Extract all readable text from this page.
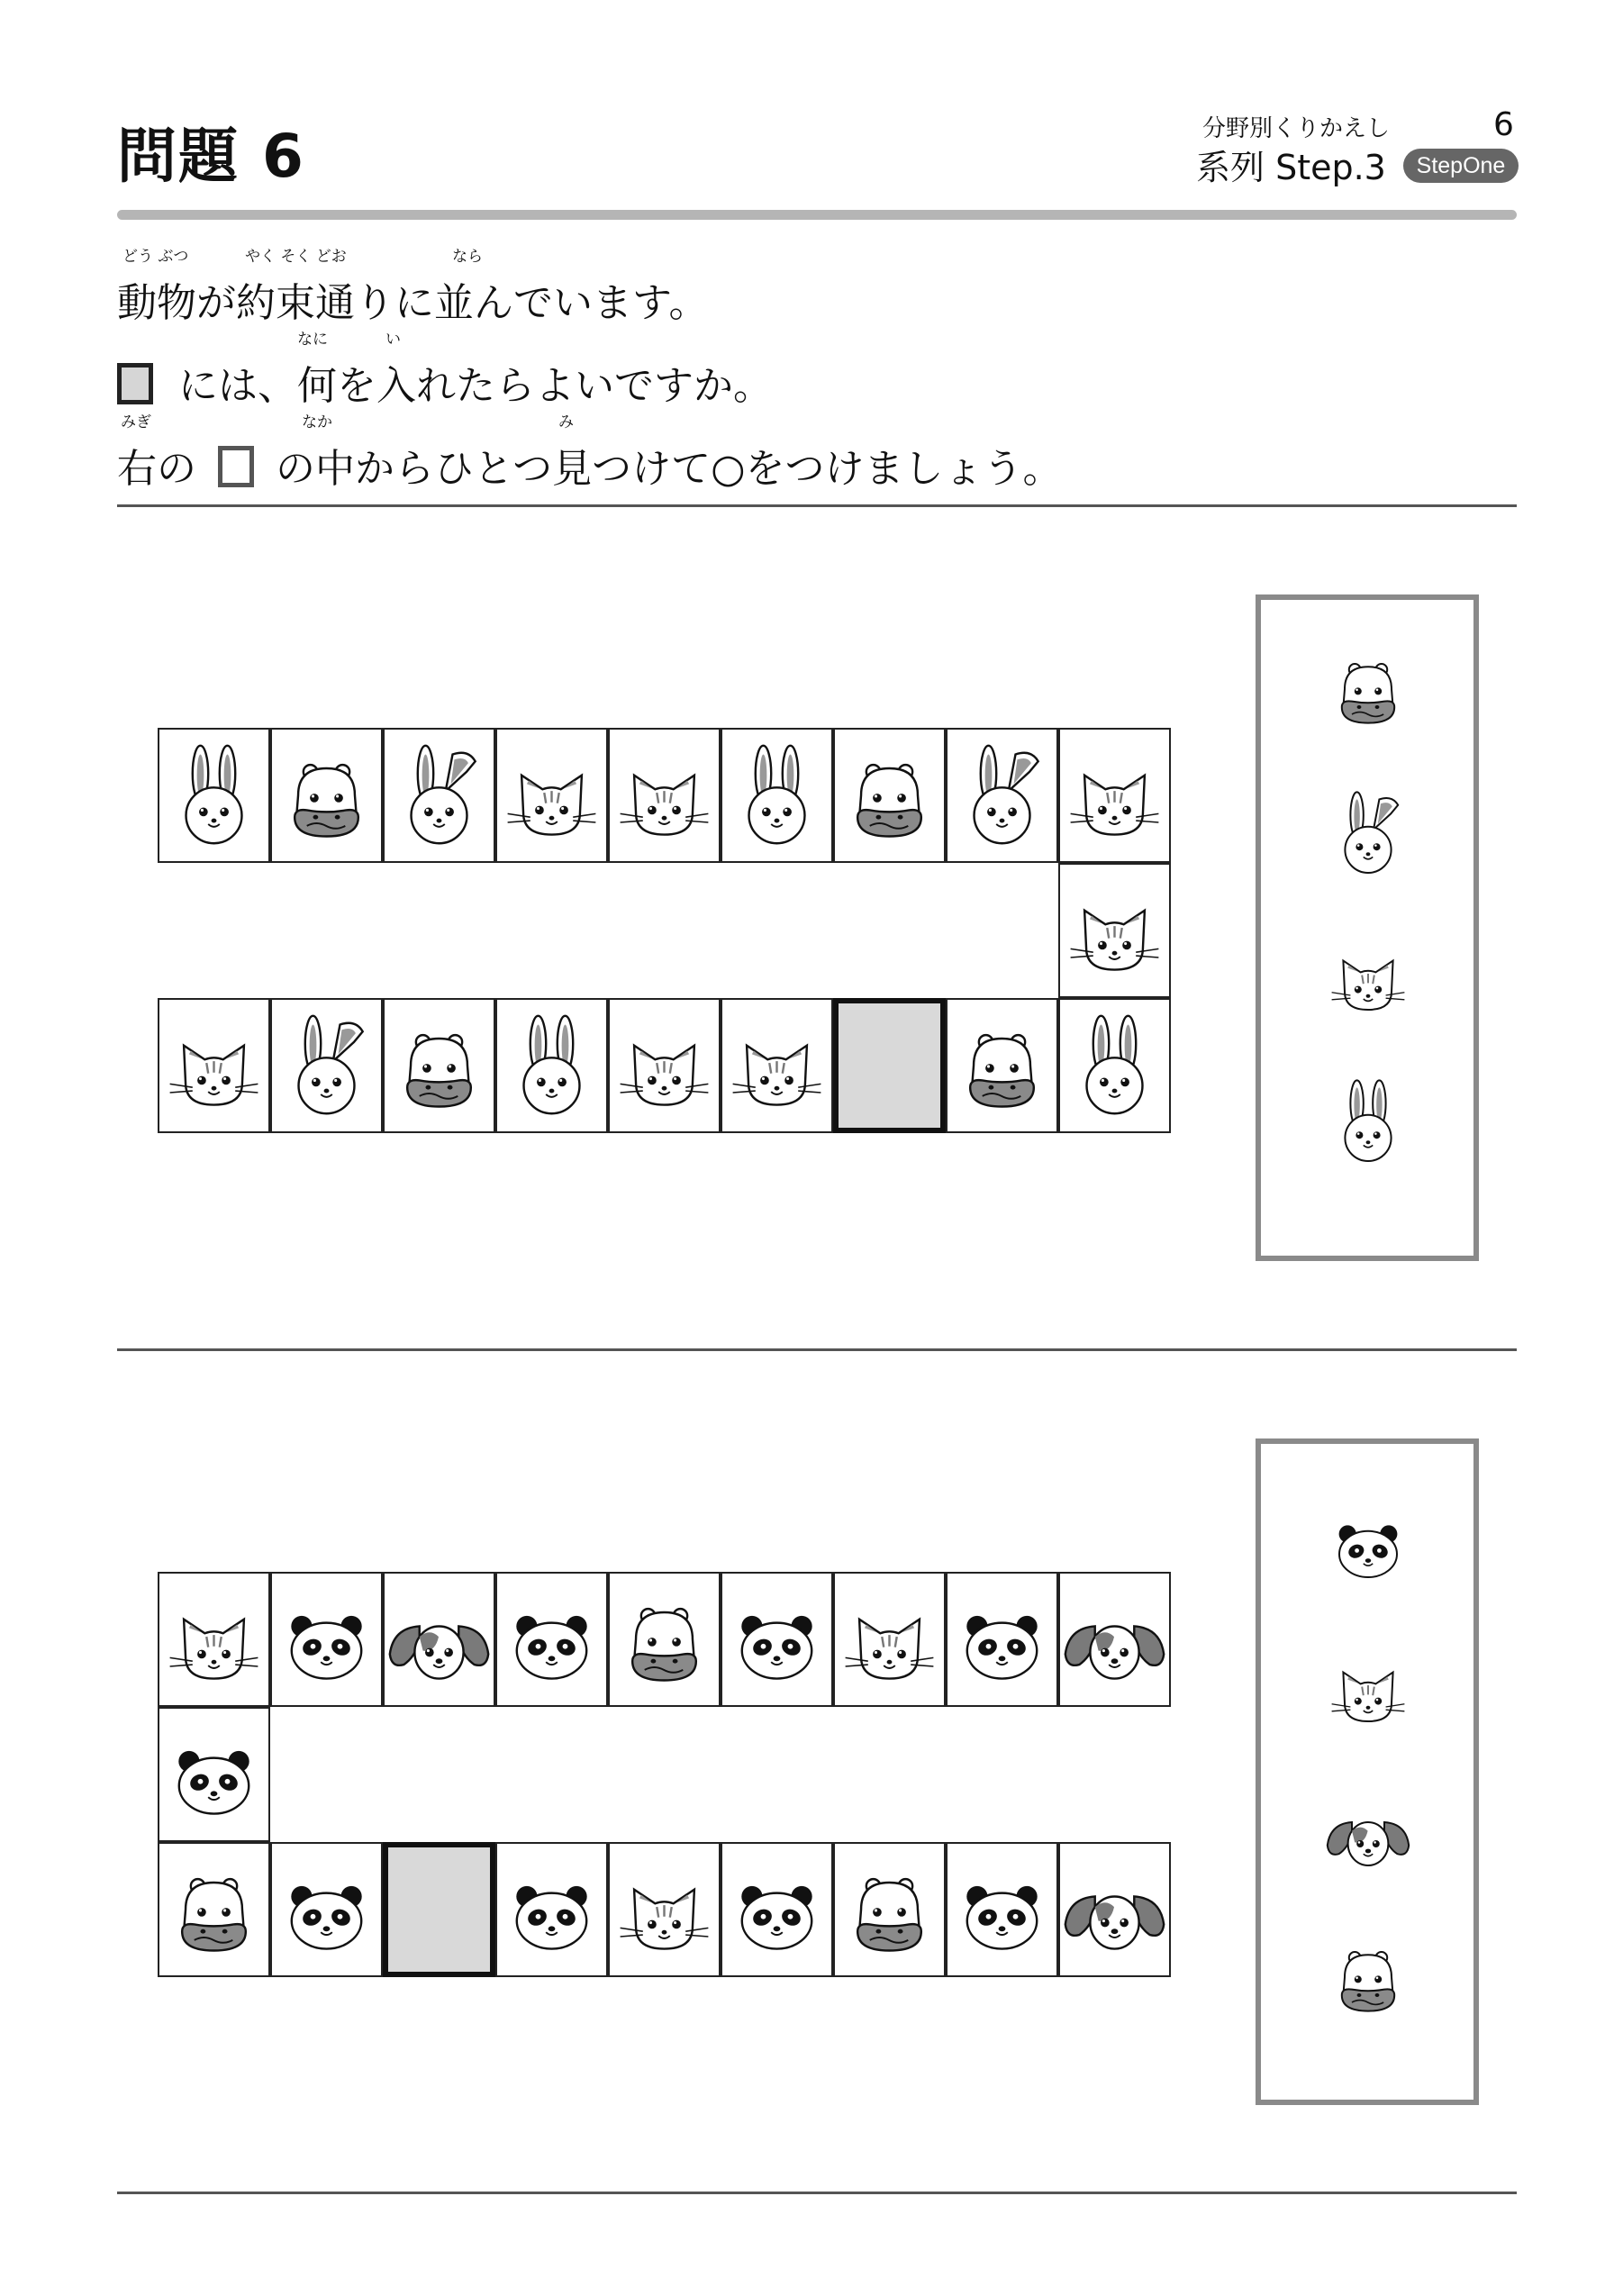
問題 6	分野別くりかえし	6
系列 Step.3	StepOne
どう ぶつ	やく そく どお	なら
動物が約束通りに並んでいます。
なに	い
には、何を入れたらよいですか。
みぎ	なか	み
右の の中からひとつ見つけて○をつけましょう。
